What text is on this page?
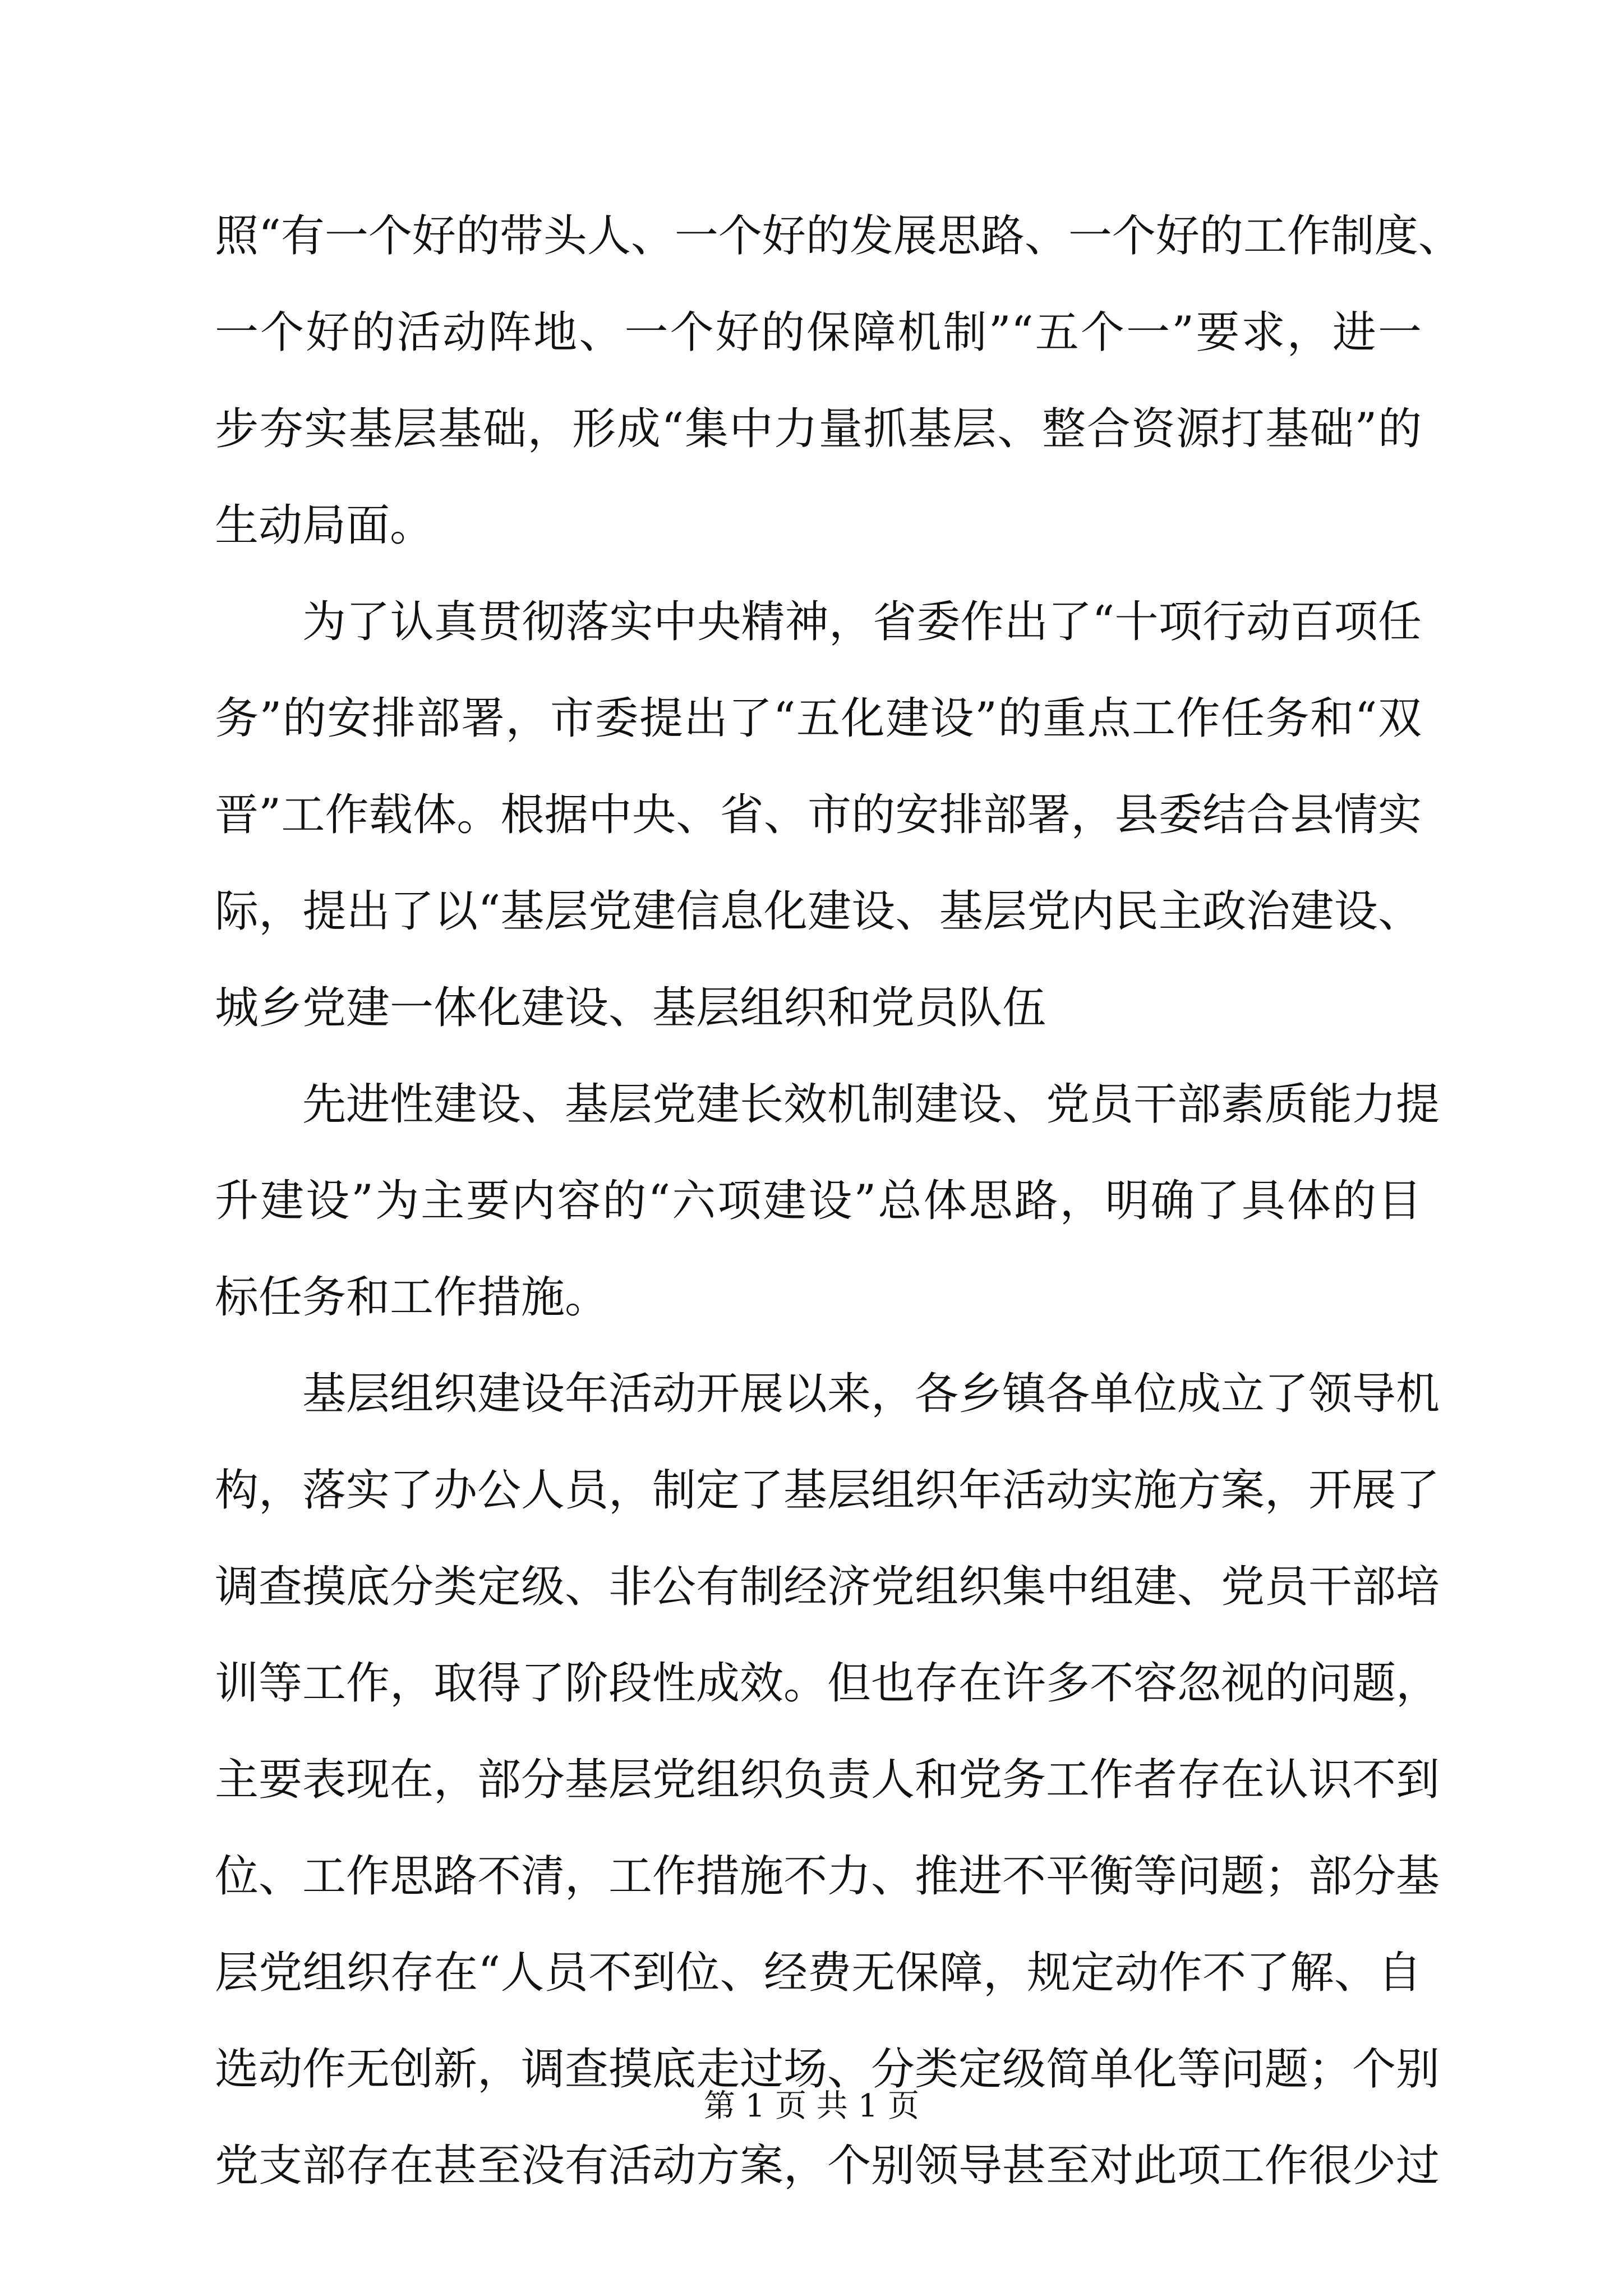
照“有一个好的带头人、一个好的发展思路、一个好的工作制度、
一个好的活动阵地、一个好的保障机制”“五个一”要求，进一
步夯实基层基础，形成“集中力量抓基层、整合资源打基础”的
生动局面。
为了认真贯彻落实中央精神，省委作出了“十项行动百项任
务”的安排部署，市委提出了“五化建设”的重点工作任务和“双
晋”工作载体。根据中央、省、市的安排部署，县委结合县情实
际，提出了以“基层党建信息化建设、基层党内民主政治建设、
城乡党建一体化建设、基层组织和党员队伍
先进性建设、基层党建长效机制建设、党员干部素质能力提
升建设”为主要内容的“六项建设”总体思路，明确了具体的目
标任务和工作措施。
基层组织建设年活动开展以来，各乡镇各单位成立了领导机
构，落实了办公人员，制定了基层组织年活动实施方案，开展了
调查摸底分类定级、非公有制经济党组织集中组建、党员干部培
训等工作，取得了阶段性成效。但也存在许多不容忽视的问题，
主要表现在，部分基层党组织负责人和党务工作者存在认识不到
位、工作思路不清，工作措施不力、推进不平衡等问题；部分基
层党组织存在“人员不到位、经费无保障，规定动作不了解、自
选动作无创新，调查摸底走过场、分类定级简单化等问题；个别
党支部存在甚至没有活动方案，个别领导甚至对此项工作很少过
第 1 页 共 1 页
